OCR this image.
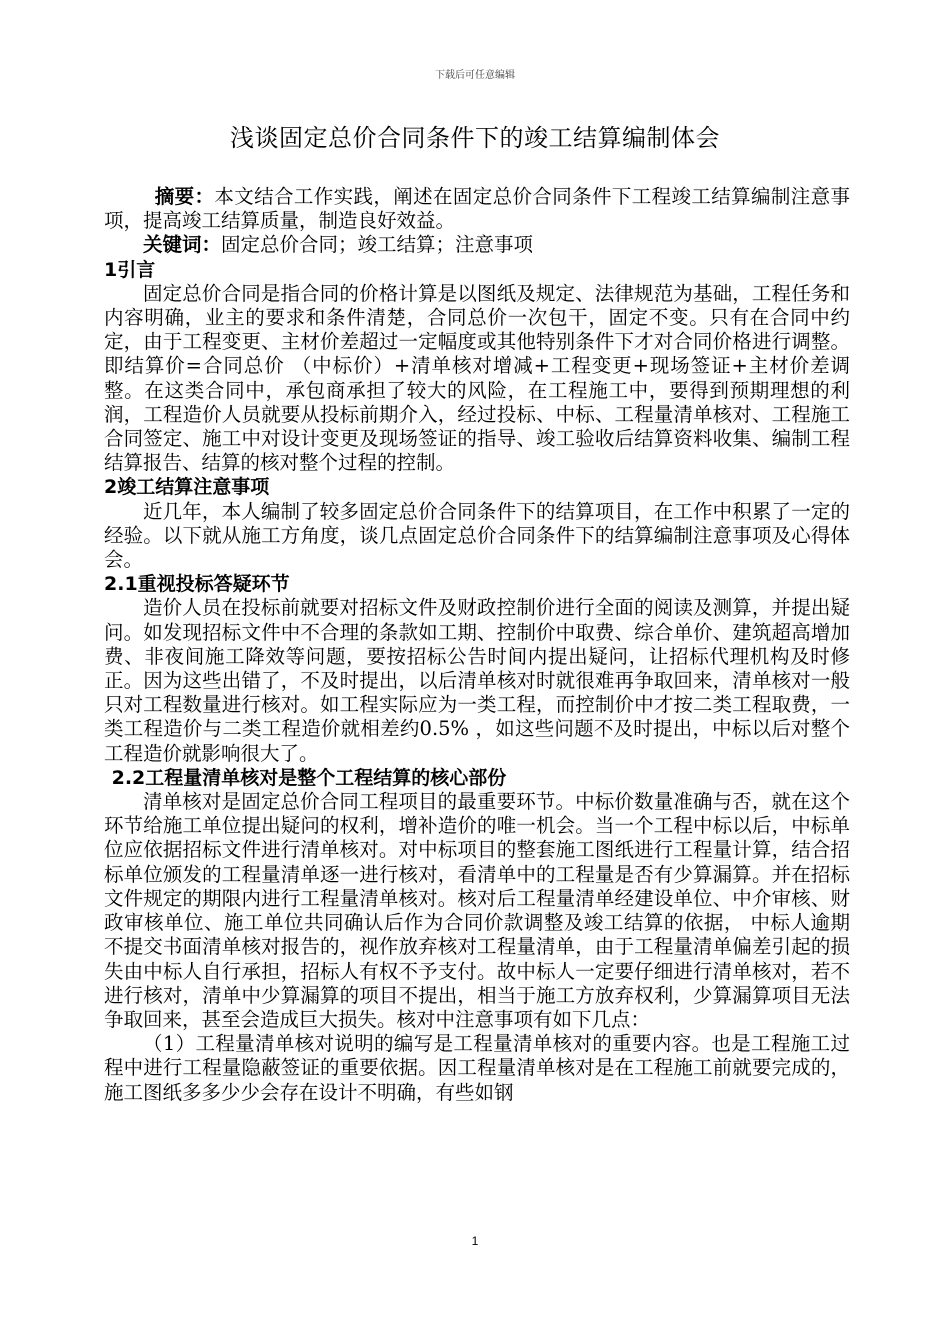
下载后可任意编辑
浅谈固定总价合同条件下的竣工结算编制体会

摘要：本文结合工作实践，阐述在固定总价合同条件下工程竣工结算编制注意事项，提高竣工结算质量，制造良好效益。

关键词：固定总价合同；竣工结算；注意事项

1引言

固定总价合同是指合同的价格计算是以图纸及规定、法律规范为基础，工程任务和内容明确，业主的要求和条件清楚，合同总价一次包干，固定不变。只有在合同中约定，由于工程变更、主材价差超过一定幅度或其他特别条件下才对合同价格进行调整。即结算价=合同总价 （中标价）+清单核对增减+工程变更+现场签证+主材价差调整。在这类合同中，承包商承担了较大的风险，在工程施工中，要得到预期理想的利润，工程造价人员就要从投标前期介入，经过投标、中标、工程量清单核对、工程施工合同签定、施工中对设计变更及现场签证的指导、竣工验收后结算资料收集、编制工程结算报告、结算的核对整个过程的控制。

2竣工结算注意事项

近几年，本人编制了较多固定总价合同条件下的结算项目，在工作中积累了一定的经验。以下就从施工方角度，谈几点固定总价合同条件下的结算编制注意事项及心得体会。

2.1重视投标答疑环节

造价人员在投标前就要对招标文件及财政控制价进行全面的阅读及测算，并提出疑问。如发现招标文件中不合理的条款如工期、控制价中取费、综合单价、建筑超高增加费、非夜间施工降效等问题，要按招标公告时间内提出疑问，让招标代理机构及时修正。因为这些出错了，不及时提出，以后清单核对时就很难再争取回来，清单核对一般只对工程数量进行核对。如工程实际应为一类工程，而控制价中才按二类工程取费，一类工程造价与二类工程造价就相差约0.5% ，如这些问题不及时提出，中标以后对整个工程造价就影响很大了。

2.2工程量清单核对是整个工程结算的核心部份

清单核对是固定总价合同工程项目的最重要环节。中标价数量准确与否，就在这个环节给施工单位提出疑问的权利，增补造价的唯一机会。当一个工程中标以后，中标单位应依据招标文件进行清单核对。对中标项目的整套施工图纸进行工程量计算，结合招标单位颁发的工程量清单逐一进行核对，看清单中的工程量是否有少算漏算。并在招标文件规定的期限内进行工程量清单核对。核对后工程量清单经建设单位、中介审核、财政审核单位、施工单位共同确认后作为合同价款调整及竣工结算的依据， 中标人逾期不提交书面清单核对报告的，视作放弃核对工程量清单，由于工程量清单偏差引起的损失由中标人自行承担，招标人有权不予支付。故中标人一定要仔细进行清单核对，若不进行核对，清单中少算漏算的项目不提出，相当于施工方放弃权利，少算漏算项目无法争取回来，甚至会造成巨大损失。核对中注意事项有如下几点：

（1）工程量清单核对说明的编写是工程量清单核对的重要内容。也是工程施工过程中进行工程量隐蔽签证的重要依据。因工程量清单核对是在工程施工前就要完成的，施工图纸多多少少会存在设计不明确，有些如钢

1
